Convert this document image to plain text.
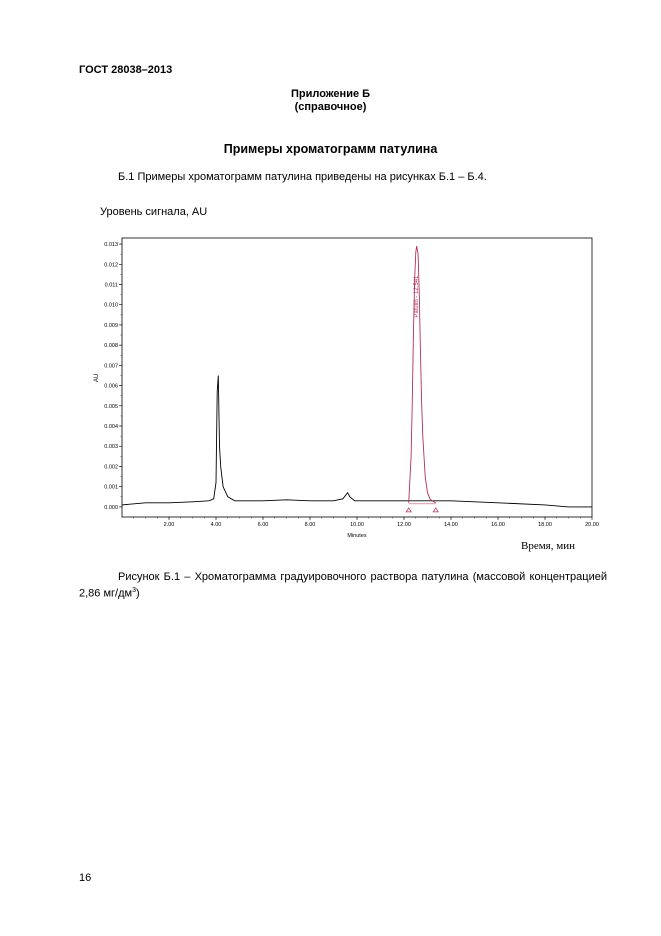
ГОСТ 28038–2013
Приложение Б
(справочное)
Примеры хроматограмм патулина
Б.1 Примеры хроматограмм патулина приведены на рисунках Б.1 – Б.4.
Уровень сигнала, AU
0.000
0.001
0.002
0.003
0.004
0.005
0.006
0.007
0.008
0.009
0.010
0.011
0.012
0.013
2.00	4.00	6.00	8.00	10.00	12.00	14.00	16.00	18.00	20.00
AU
Minutes
Patulin - 12.541
Время, мин
Рисунок Б.1 – Хроматограмма градуировочного раствора патулина (массовой концентрацией 2,86 $мг/дм^3$)
16
